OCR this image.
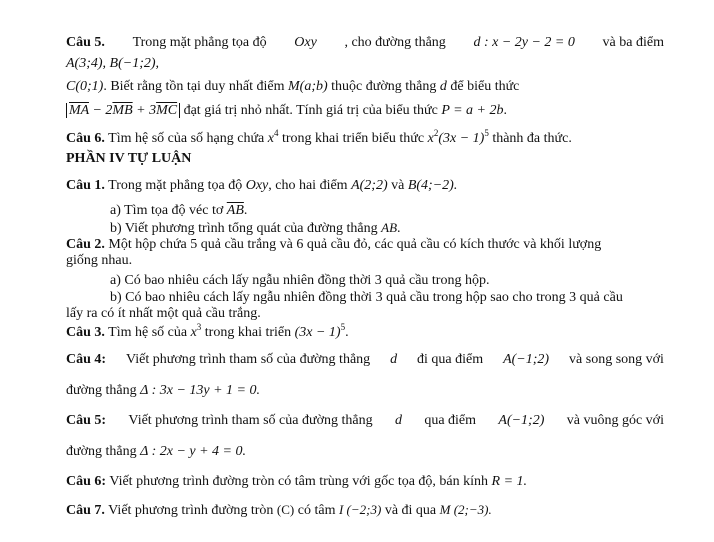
Câu 5. Trong mặt phẳng tọa độ Oxy , cho đường thẳng d : x − 2y − 2 = 0 và ba điểm
A(3;4), B(−1;2),
C(0;1). Biết rằng tồn tại duy nhất điểm M(a;b) thuộc đường thẳng d để biểu thức
$\overline{MA} - 2\overline{MB} + 3\overline{MC}$ đạt giá trị nhỏ nhất. Tính giá trị của biểu thức P = a + 2b.
Câu 6. Tìm hệ số của số hạng chứa $x^4$ trong khai triển biểu thức $x^2(3x - 1)^5$ thành đa thức.
PHẦN IV TỰ LUẬN
Câu 1. Trong mặt phẳng tọa độ Oxy, cho hai điểm A(2;2) và B(4;−2).
a) Tìm tọa độ véc tơ $\overline{AB}$.
b) Viết phương trình tổng quát của đường thẳng AB.
Câu 2. Một hộp chứa 5 quả cầu trắng và 6 quả cầu đỏ, các quả cầu có kích thước và khối lượng
giống nhau.
a) Có bao nhiêu cách lấy ngẫu nhiên đồng thời 3 quả cầu trong hộp.
b) Có bao nhiêu cách lấy ngẫu nhiên đồng thời 3 quả cầu trong hộp sao cho trong 3 quả cầu
lấy ra có ít nhất một quả cầu trắng.
Câu 3. Tìm hệ số của $x^3$ trong khai triển $(3x - 1)^5$.
Câu 4: Viết phương trình tham số của đường thẳng d đi qua điểm A(−1;2) và song song với
đường thẳng Δ : 3x − 13y + 1 = 0.
Câu 5: Viết phương trình tham số của đường thẳng d qua điểm A(−1;2) và vuông góc với
đường thẳng Δ : 2x − y + 4 = 0.
Câu 6: Viết phương trình đường tròn có tâm trùng với gốc tọa độ, bán kính R = 1.
Câu 7. Viết phương trình đường tròn (C) có tâm I (−2;3) và đi qua M (2;−3).
